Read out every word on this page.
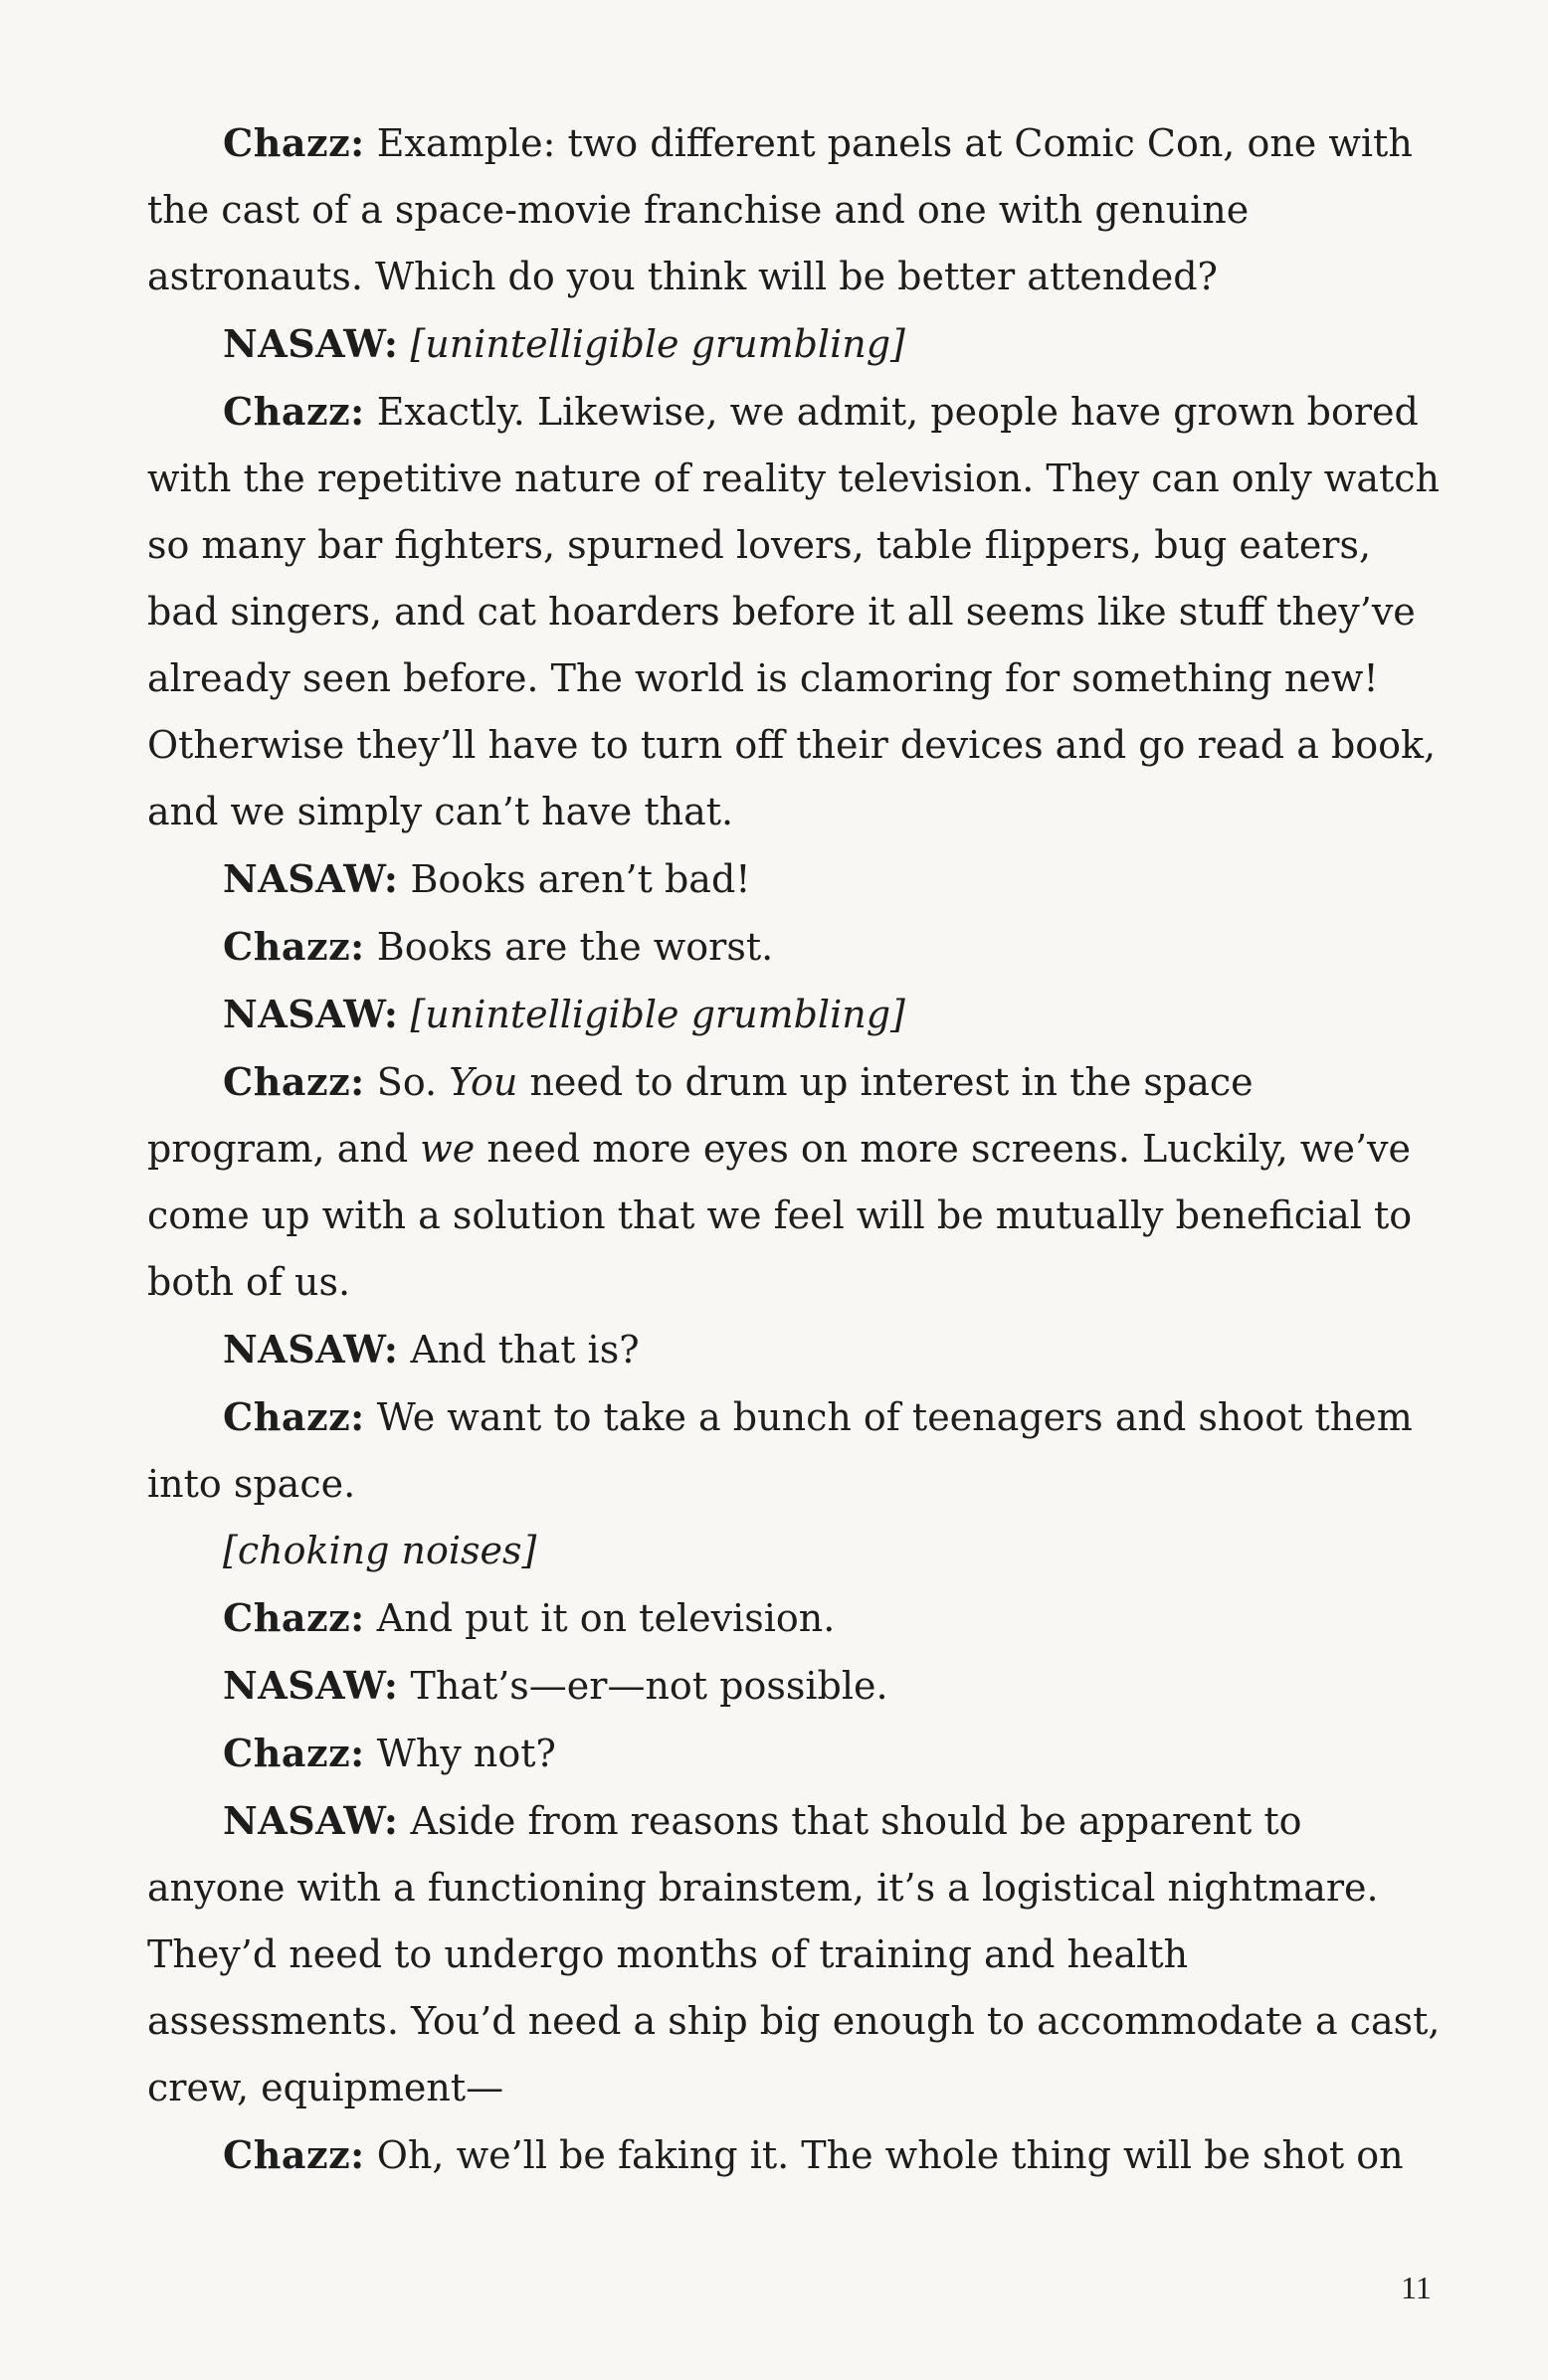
Chazz: Example: two different panels at Comic Con, one with the cast of a space-movie franchise and one with genuine astronauts. Which do you think will be better attended?

NASAW: [unintelligible grumbling]

Chazz: Exactly. Likewise, we admit, people have grown bored with the repetitive nature of reality television. They can only watch so many bar fighters, spurned lovers, table flippers, bug eaters, bad singers, and cat hoarders before it all seems like stuff they’ve already seen before. The world is clamoring for something new! Otherwise they’ll have to turn off their devices and go read a book, and we simply can’t have that.

NASAW: Books aren’t bad!

Chazz: Books are the worst.

NASAW: [unintelligible grumbling]

Chazz: So. You need to drum up interest in the space program, and we need more eyes on more screens. Luckily, we’ve come up with a solution that we feel will be mutually beneficial to both of us.

NASAW: And that is?

Chazz: We want to take a bunch of teenagers and shoot them into space.

[choking noises]

Chazz: And put it on television.

NASAW: That’s—er—not possible.

Chazz: Why not?

NASAW: Aside from reasons that should be apparent to anyone with a functioning brainstem, it’s a logistical nightmare. They’d need to undergo months of training and health assessments. You’d need a ship big enough to accommodate a cast, crew, equipment—

Chazz: Oh, we’ll be faking it. The whole thing will be shot on

11
